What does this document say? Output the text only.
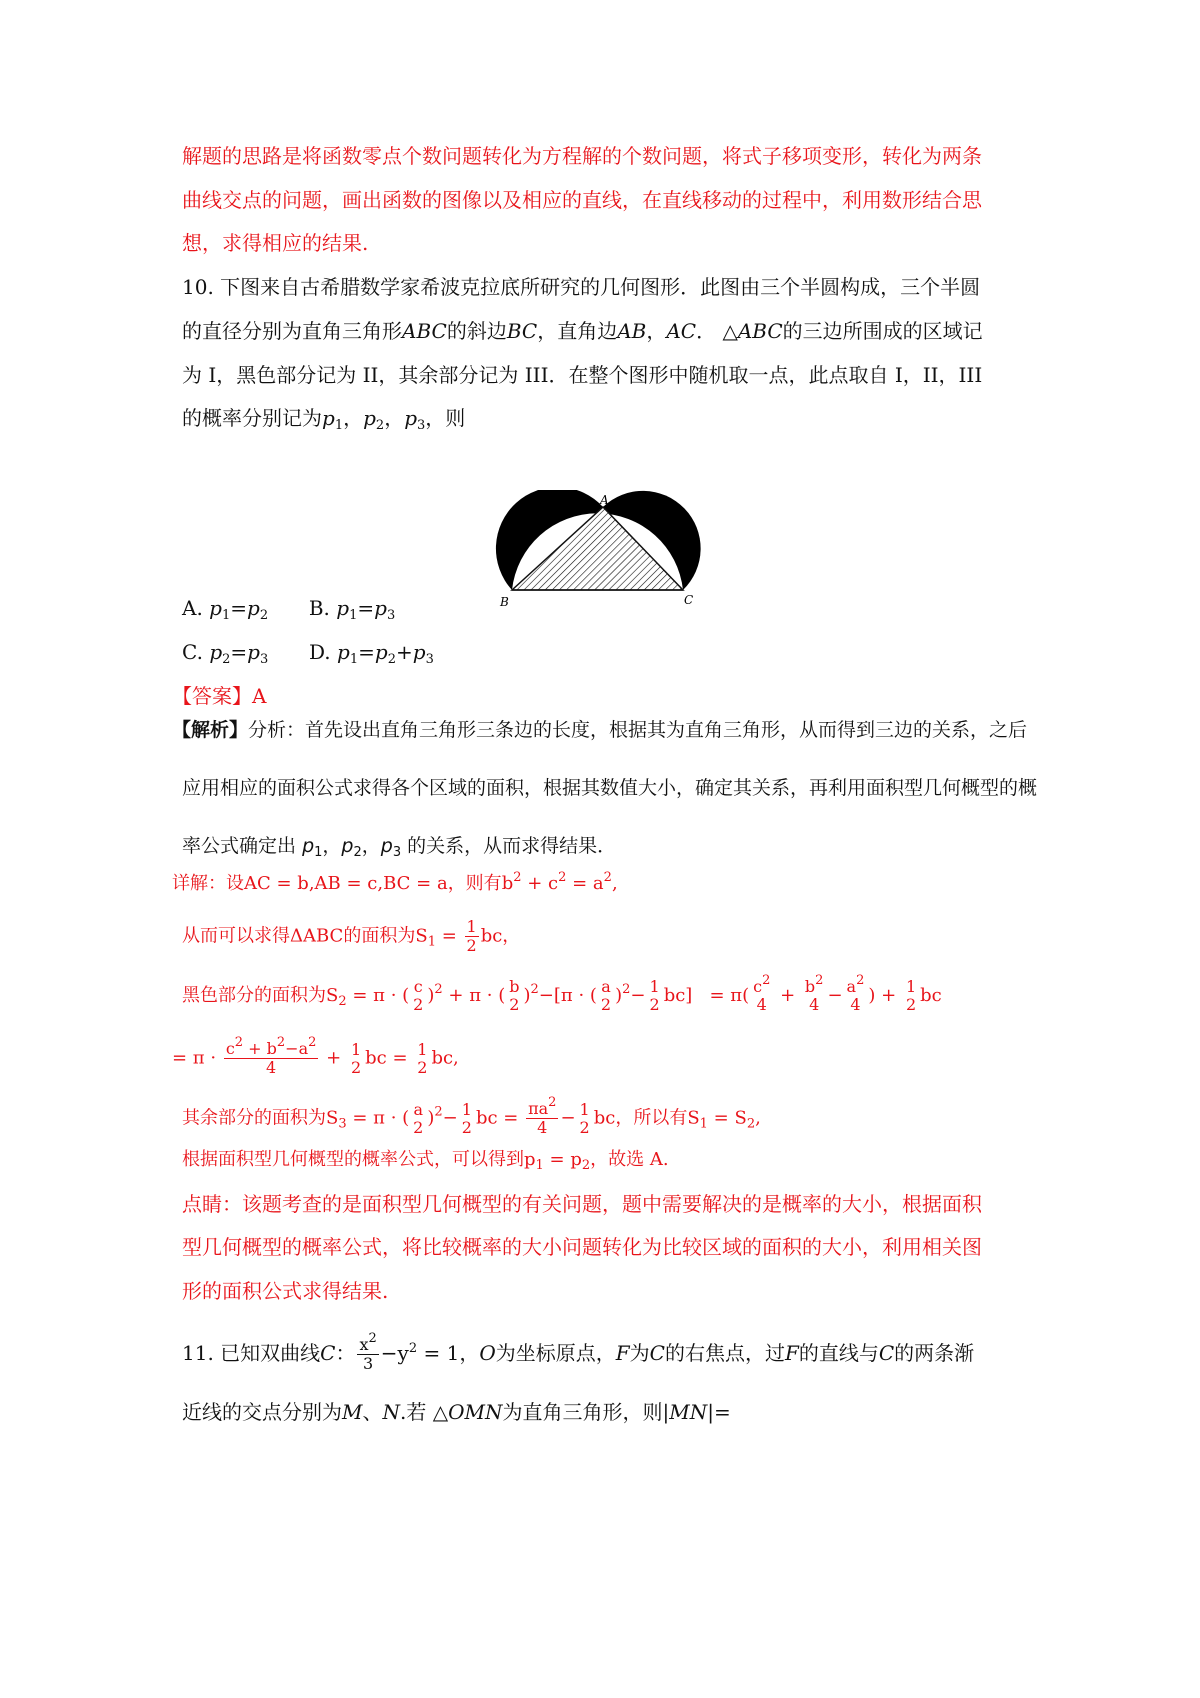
解题的思路是将函数零点个数问题转化为方程解的个数问题，将式子移项变形，转化为两条
曲线交点的问题，画出函数的图像以及相应的直线，在直线移动的过程中，利用数形结合思
想，求得相应的结果.
10. 下图来自古希腊数学家希波克拉底所研究的几何图形．此图由三个半圆构成，三个半圆
的直径分别为直角三角形ABC的斜边BC，直角边AB，AC． △ABC的三边所围成的区域记
为 I，黑色部分记为 II，其余部分记为 III．在整个图形中随机取一点，此点取自 I，II，III
的概率分别记为$p_1$，$p_2$，$p_3$，则
A
B	C
A. $p_1=p_2$ B. $p_1=p_3$
C. $p_2=p_3$ D. $p_1=p_2+p_3$
【答案】A
【解析】分析：首先设出直角三角形三条边的长度，根据其为直角三角形，从而得到三边的关系，之后
应用相应的面积公式求得各个区域的面积，根据其数值大小，确定其关系，再利用面积型几何概型的概
率公式确定出 $p_1$，$p_2$，$p_3$ 的关系，从而求得结果．
详解：设AC = b,AB = c,BC = a，则有$b^2 + c^2 = a^2$,
从而可以求得ΔABC的面积为$S_1 = \frac{1}{2}$ bc，
黑色部分的面积为$S_2 = \pi$ · ( c
2 )$^2$ + π · ( b
2 )$^2$−[π · ( a
2 )$^2$− 1
2 bc]   = π( $c^2$
$4 + b^2$
$4 - a^2$
4 ) + 1
2 bc
= $\pi \cdot \frac{c^2 + b^2-a^2}{4} + 1$
2 bc = 1
2 bc,
其余部分的面积为$S_3 = \pi$ · ( a
2 )$^2$− 1
2 bc = $\frac{\pi a^2}{4} - 1$
2 bc，所以有$S_1 = S_2$,
根据面积型几何概型的概率公式，可以得到$p_1 = p_2$，故选 A.
点睛：该题考查的是面积型几何概型的有关问题，题中需要解决的是概率的大小，根据面积
型几何概型的概率公式，将比较概率的大小问题转化为比较区域的面积的大小，利用相关图
形的面积公式求得结果.
11. 已知双曲线C： $\frac{x^2}{3} -y^2 = 1$，O为坐标原点，F为C的右焦点，过F的直线与C的两条渐
近线的交点分别为M、N.若 △OMN为直角三角形，则|MN|=
